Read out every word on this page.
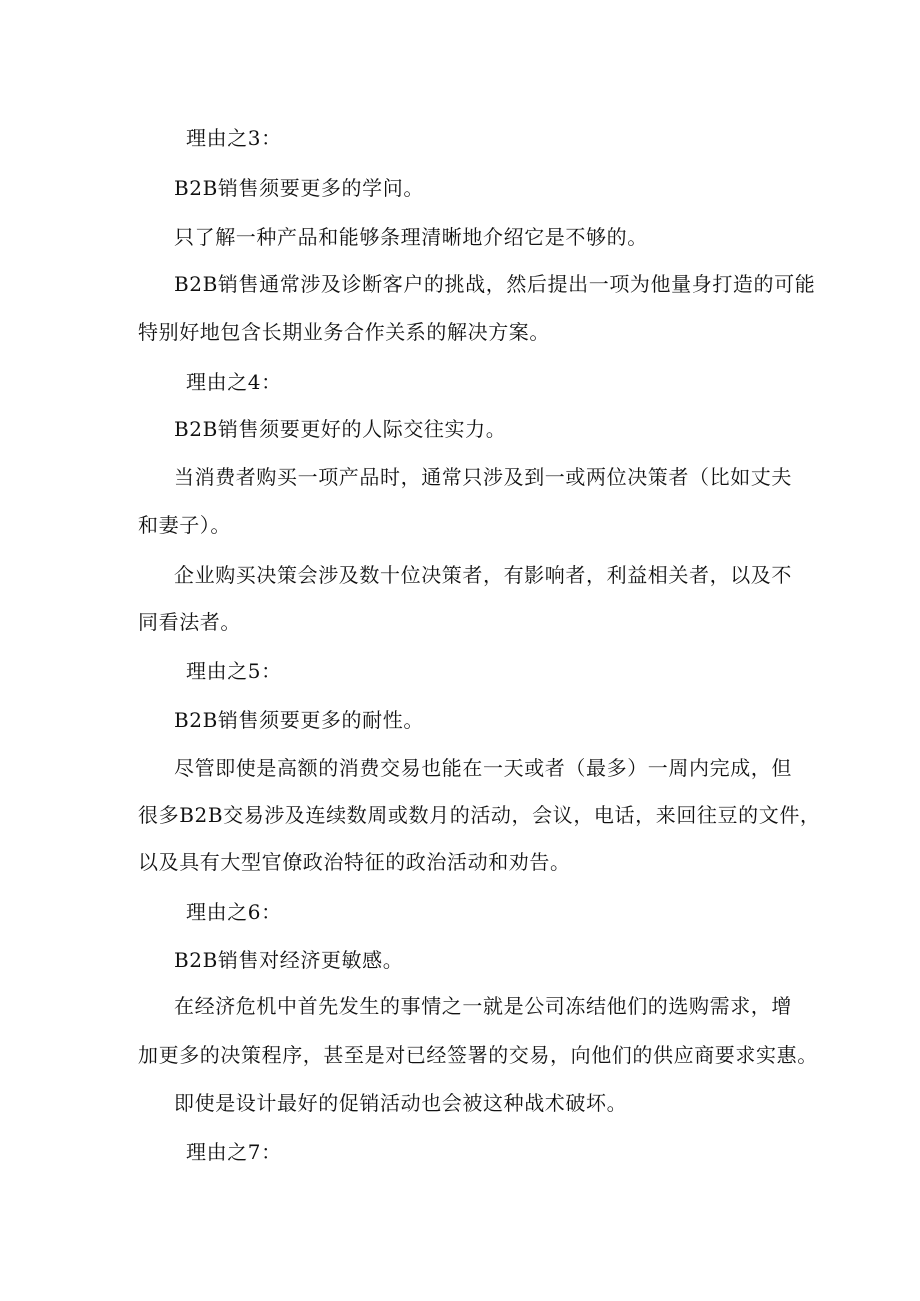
理由之3：
B2B销售须要更多的学问。
只了解一种产品和能够条理清晰地介绍它是不够的。
B2B销售通常涉及诊断客户的挑战，然后提出一项为他量身打造的可能
特别好地包含长期业务合作关系的解决方案。
理由之4：
B2B销售须要更好的人际交往实力。
当消费者购买一项产品时，通常只涉及到一或两位决策者（比如丈夫
和妻子）。
企业购买决策会涉及数十位决策者，有影响者，利益相关者，以及不
同看法者。
理由之5：
B2B销售须要更多的耐性。
尽管即使是高额的消费交易也能在一天或者（最多）一周内完成，但
很多B2B交易涉及连续数周或数月的活动，会议，电话，来回往豆的文件，
以及具有大型官僚政治特征的政治活动和劝告。
理由之6：
B2B销售对经济更敏感。
在经济危机中首先发生的事情之一就是公司冻结他们的选购需求，增
加更多的决策程序，甚至是对已经签署的交易，向他们的供应商要求实惠。
即使是设计最好的促销活动也会被这种战术破坏。
理由之7：
